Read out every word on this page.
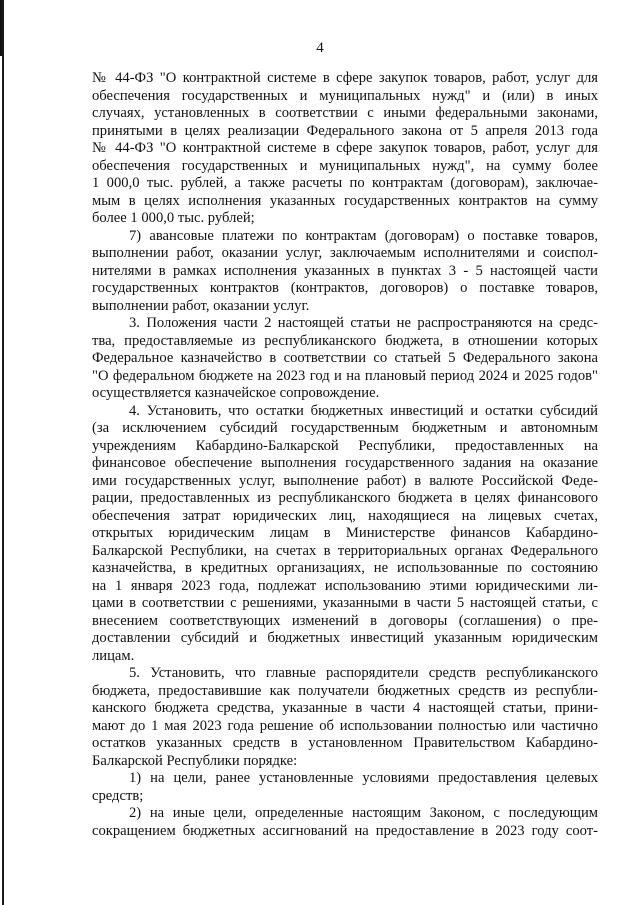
4
№ 44-ФЗ "О контрактной системе в сфере закупок товаров, работ, услуг для
обеспечения государственных и муниципальных нужд" и (или) в иных
случаях, установленных в соответствии с иными федеральными законами,
принятыми в целях реализации Федерального закона от 5 апреля 2013 года
№ 44-ФЗ "О контрактной системе в сфере закупок товаров, работ, услуг для
обеспечения государственных и муниципальных нужд", на сумму более
1 000,0 тыс. рублей, а также расчеты по контрактам (договорам), заключае-
мым в целях исполнения указанных государственных контрактов на сумму
более 1 000,0 тыс. рублей;
7) авансовые платежи по контрактам (договорам) о поставке товаров,
выполнении работ, оказании услуг, заключаемым исполнителями и соиспол-
нителями в рамках исполнения указанных в пунктах 3 - 5 настоящей части
государственных контрактов (контрактов, договоров) о поставке товаров,
выполнении работ, оказании услуг.
3. Положения части 2 настоящей статьи не распространяются на средс-
тва, предоставляемые из республиканского бюджета, в отношении которых
Федеральное казначейство в соответствии со статьей 5 Федерального закона
"О федеральном бюджете на 2023 год и на плановый период 2024 и 2025 годов"
осуществляется казначейское сопровождение.
4. Установить, что остатки бюджетных инвестиций и остатки субсидий
(за исключением субсидий государственным бюджетным и автономным
учреждениям Кабардино-Балкарской Республики, предоставленных на
финансовое обеспечение выполнения государственного задания на оказание
ими государственных услуг, выполнение работ) в валюте Российской Феде-
рации, предоставленных из республиканского бюджета в целях финансового
обеспечения затрат юридических лиц, находящиеся на лицевых счетах,
открытых юридическим лицам в Министерстве финансов Кабардино-
Балкарской Республики, на счетах в территориальных органах Федерального
казначейства, в кредитных организациях, не использованные по состоянию
на 1 января 2023 года, подлежат использованию этими юридическими ли-
цами в соответствии с решениями, указанными в части 5 настоящей статьи, с
внесением соответствующих изменений в договоры (соглашения) о пре-
доставлении субсидий и бюджетных инвестиций указанным юридическим
лицам.
5. Установить, что главные распорядители средств республиканского
бюджета, предоставившие как получатели бюджетных средств из республи-
канского бюджета средства, указанные в части 4 настоящей статьи, прини-
мают до 1 мая 2023 года решение об использовании полностью или частично
остатков указанных средств в установленном Правительством Кабардино-
Балкарской Республики порядке:
1) на цели, ранее установленные условиями предоставления целевых
средств;
2) на иные цели, определенные настоящим Законом, с последующим
сокращением бюджетных ассигнований на предоставление в 2023 году соот-
